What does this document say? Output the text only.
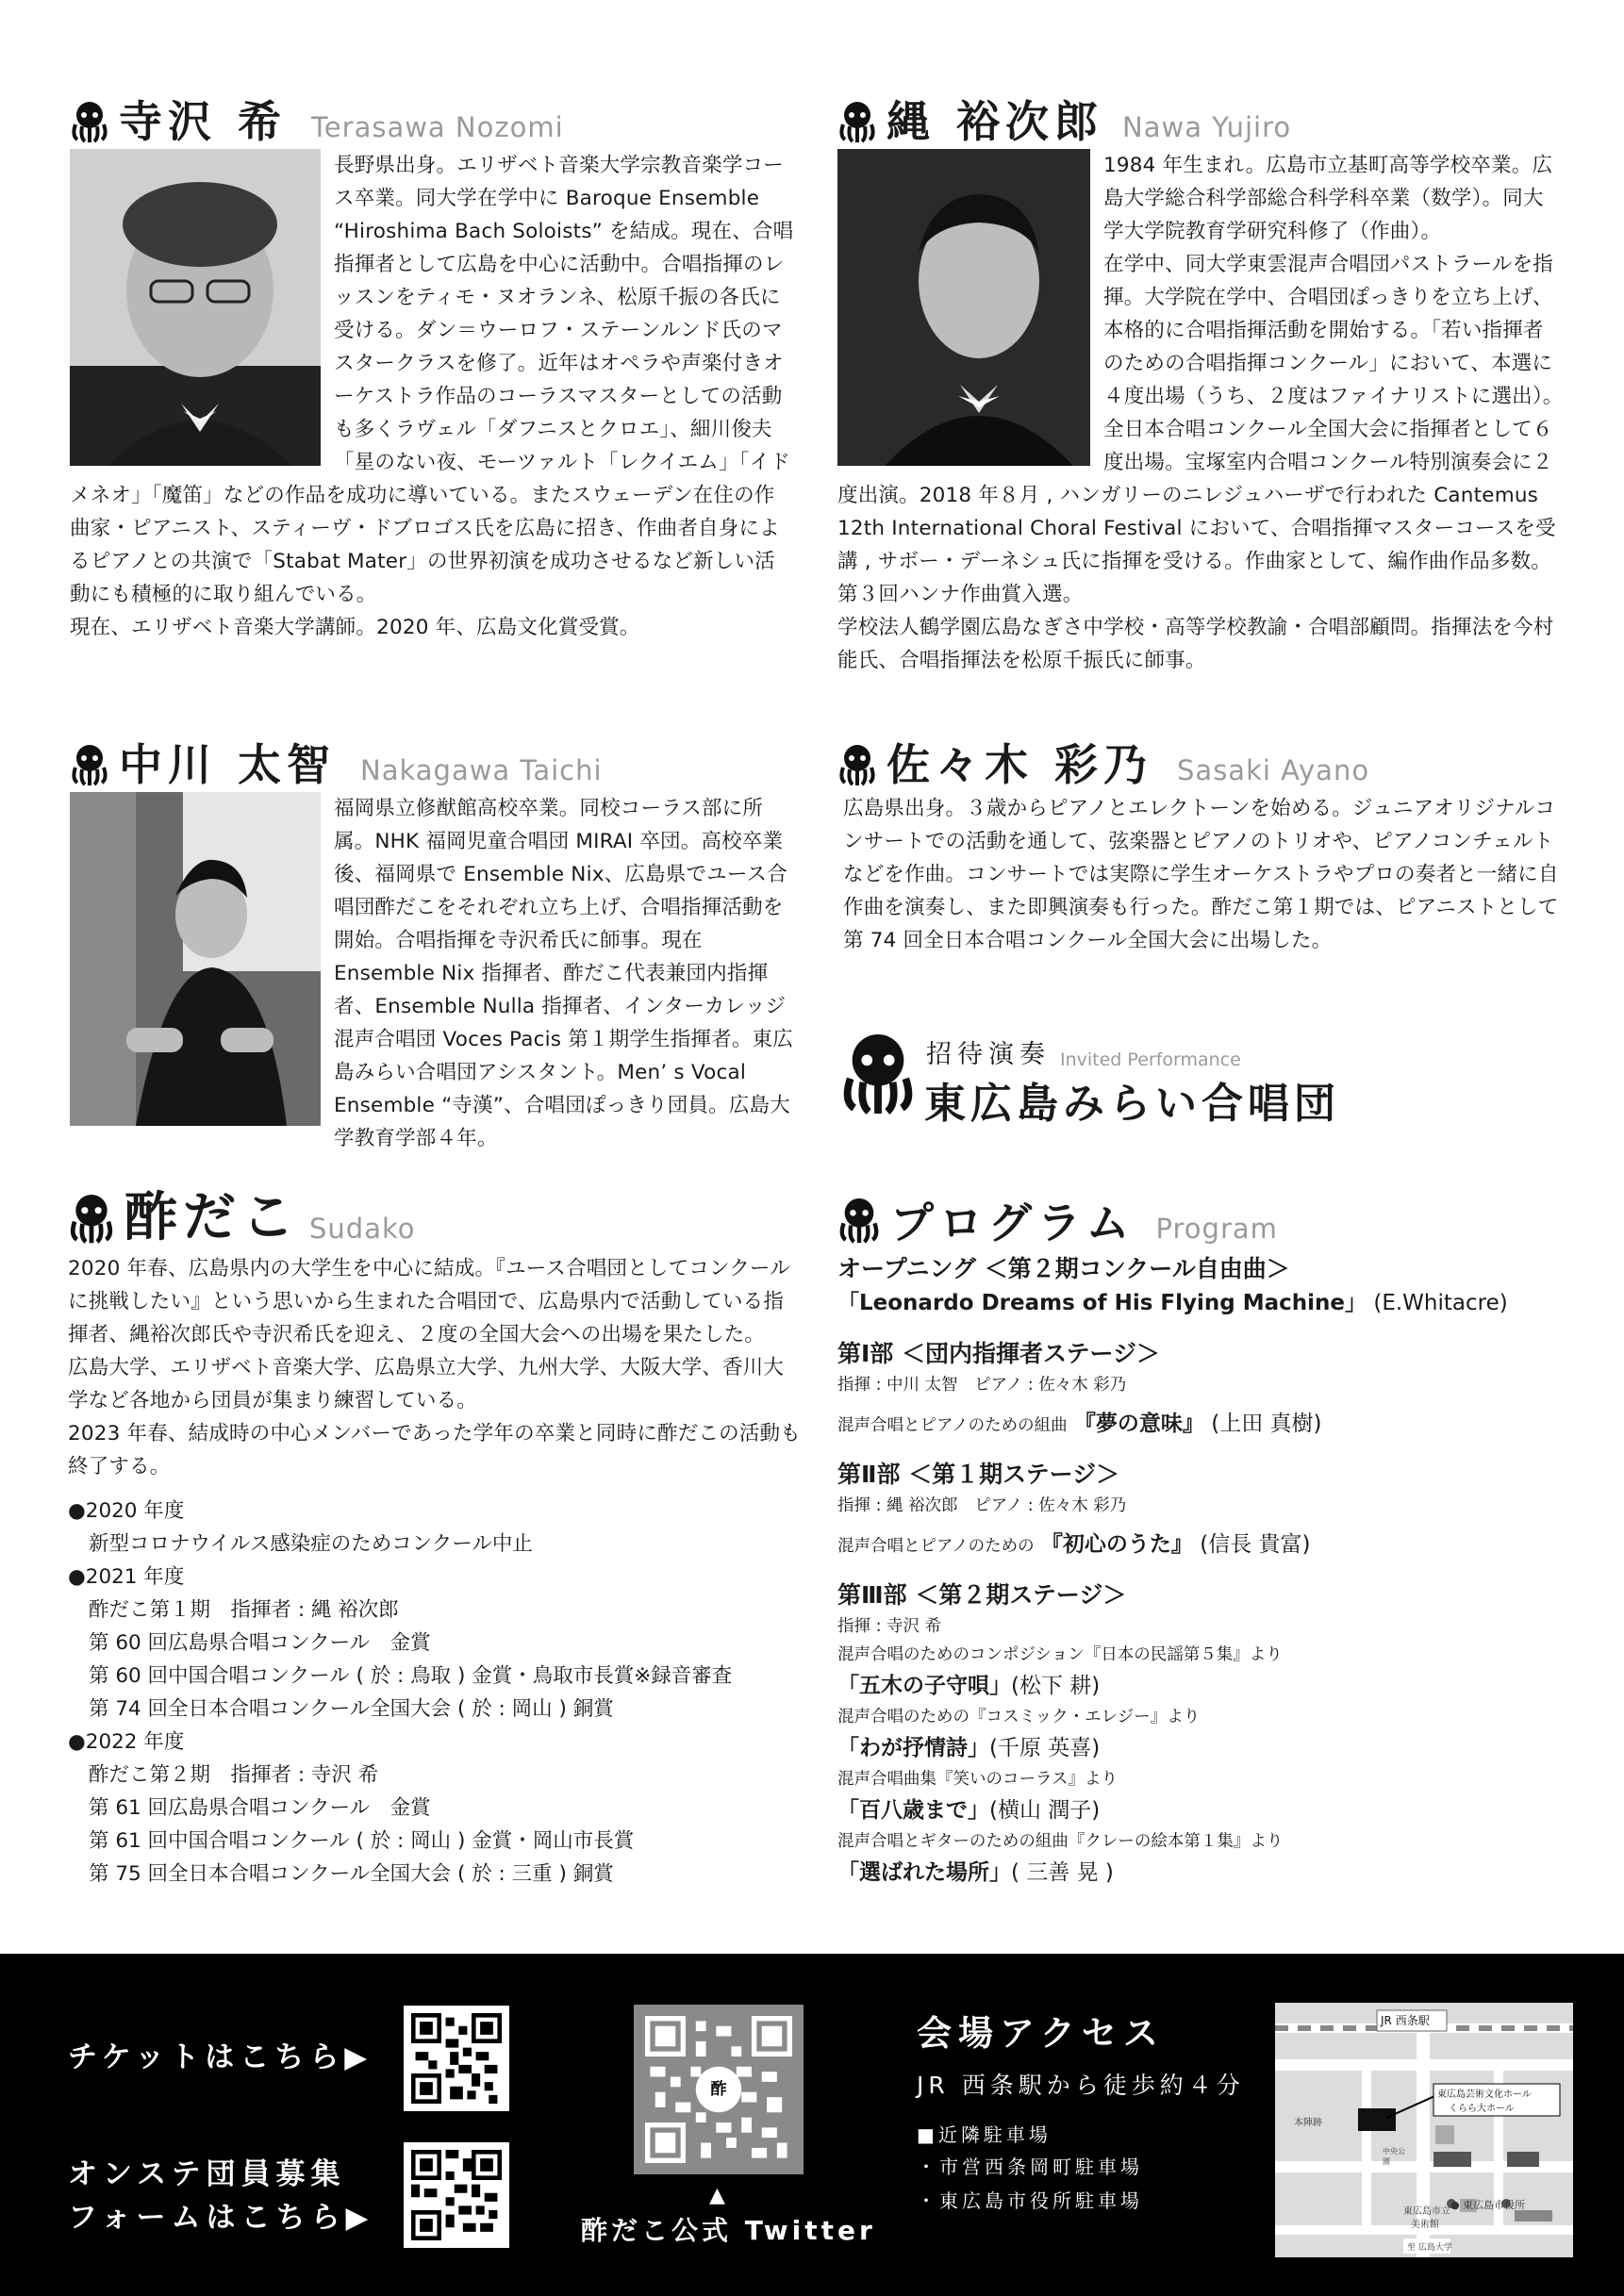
寺沢 希 Terasawa Nozomi

長野県出身。エリザベト音楽大学宗教音楽学コース卒業。同大学在学中に Baroque Ensemble “Hiroshima Bach Soloists” を結成。現在、合唱指揮者として広島を中心に活動中。合唱指揮のレッスンをティモ・ヌオランネ、松原千振の各氏に受ける。ダン＝ウーロフ・ステーンルンド氏のマスタークラスを修了。近年はオペラや声楽付きオーケストラ作品のコーラスマスターとしての活動も多くラヴェル「ダフニスとクロエ」、細川俊夫「星のない夜、モーツァルト「レクイエム」「イドメネオ」「魔笛」などの作品を成功に導いている。またスウェーデン在住の作曲家・ピアニスト、スティーヴ・ドブロゴス氏を広島に招き、作曲者自身によるピアノとの共演で「Stabat Mater」の世界初演を成功させるなど新しい活動にも積極的に取り組んでいる。

現在、エリザベト音楽大学講師。2020 年、広島文化賞受賞。

縄 裕次郎 Nawa Yujiro

1984 年生まれ。広島市立基町高等学校卒業。広島大学総合科学部総合科学科卒業（数学）。同大学大学院教育学研究科修了（作曲）。

在学中、同大学東雲混声合唱団パストラールを指揮。大学院在学中、合唱団ぽっきりを立ち上げ、本格的に合唱指揮活動を開始する。「若い指揮者のための合唱指揮コンクール」において、本選に４度出場（うち、２度はファイナリストに選出）。全日本合唱コンクール全国大会に指揮者として６度出場。宝塚室内合唱コンクール特別演奏会に２度出演。2018 年８月 , ハンガリーのニレジュハーザで行われた Cantemus 12th International Choral Festival において、合唱指揮マスターコースを受講 , サボー・デーネシュ氏に指揮を受ける。作曲家として、編作曲作品多数。第３回ハンナ作曲賞入選。

学校法人鶴学園広島なぎさ中学校・高等学校教諭・合唱部顧問。指揮法を今村能氏、合唱指揮法を松原千振氏に師事。

中川 太智 Nakagawa Taichi

福岡県立修猷館高校卒業。同校コーラス部に所属。NHK 福岡児童合唱団 MIRAI 卒団。高校卒業後、福岡県で Ensemble Nix、広島県でユース合唱団酢だこをそれぞれ立ち上げ、合唱指揮活動を開始。合唱指揮を寺沢希氏に師事。現在 Ensemble Nix 指揮者、酢だこ代表兼団内指揮者、Ensemble Nulla 指揮者、インターカレッジ混声合唱団 Voces Pacis 第１期学生指揮者。東広島みらい合唱団アシスタント。Men’ s Vocal Ensemble “寺漢”、合唱団ぽっきり団員。広島大学教育学部４年。

佐々木 彩乃 Sasaki Ayano

広島県出身。３歳からピアノとエレクトーンを始める。ジュニアオリジナルコンサートでの活動を通して、弦楽器とピアノのトリオや、ピアノコンチェルトなどを作曲。コンサートでは実際に学生オーケストラやプロの奏者と一緒に自作曲を演奏し、また即興演奏も行った。酢だこ第１期では、ピアニストとして第 74 回全日本合唱コンクール全国大会に出場した。

招待演奏 Invited Performance
東広島みらい合唱団
酢だこ Sudako

2020 年春、広島県内の大学生を中心に結成。『ユース合唱団としてコンクールに挑戦したい』という思いから生まれた合唱団で、広島県内で活動している指揮者、縄裕次郎氏や寺沢希氏を迎え、２度の全国大会への出場を果たした。

広島大学、エリザベト音楽大学、広島県立大学、九州大学、大阪大学、香川大学など各地から団員が集まり練習している。

2023 年春、結成時の中心メンバーであった学年の卒業と同時に酢だこの活動も終了する。

●2020 年度
新型コロナウイルス感染症のためコンクール中止
●2021 年度
酢だこ第１期　指揮者 : 縄 裕次郎
第 60 回広島県合唱コンクール　金賞
第 60 回中国合唱コンクール ( 於 : 鳥取 ) 金賞・鳥取市長賞※録音審査
第 74 回全日本合唱コンクール全国大会 ( 於 : 岡山 ) 銅賞
●2022 年度
酢だこ第２期　指揮者 : 寺沢 希
第 61 回広島県合唱コンクール　金賞
第 61 回中国合唱コンクール ( 於 : 岡山 ) 金賞・岡山市長賞
第 75 回全日本合唱コンクール全国大会 ( 於 : 三重 ) 銅賞
プログラム Program
オープニング ＜第２期コンクール自由曲＞
「Leonardo Dreams of His Flying Machine」 (E.Whitacre)
第Ⅰ部 ＜団内指揮者ステージ＞
指揮 : 中川 太智　ピアノ : 佐々木 彩乃
混声合唱とピアノのための組曲 『夢の意味』 (上田 真樹)
第Ⅱ部 ＜第１期ステージ＞
指揮 : 縄 裕次郎　ピアノ : 佐々木 彩乃
混声合唱とピアノのための 『初心のうた』 (信長 貴富)
第Ⅲ部 ＜第２期ステージ＞
指揮 : 寺沢 希
混声合唱のためのコンポジション『日本の民謡第５集』より
「五木の子守唄」(松下 耕)
混声合唱のための『コスミック・エレジー』より
「わが抒情詩」(千原 英喜)
混声合唱曲集『笑いのコーラス』より
「百八歳まで」(横山 潤子)
混声合唱とギターのための組曲『クレーの絵本第１集』より
「選ばれた場所」( 三善 晃 )
チケットはこちら▶
オンステ団員募集
フォームはこちら▶
酢
▲
酢だこ公式 Twitter
会場アクセス
JR 西条駅から徒歩約４分
■近隣駐車場
・市営西条岡町駐車場
・東広島市役所駐車場
JR 西条駅
東広島芸術文化ホール
くらら大ホール
本陣跡
中央公園
東広島市立
美術館
● 東広島市役所
至 広島大学
